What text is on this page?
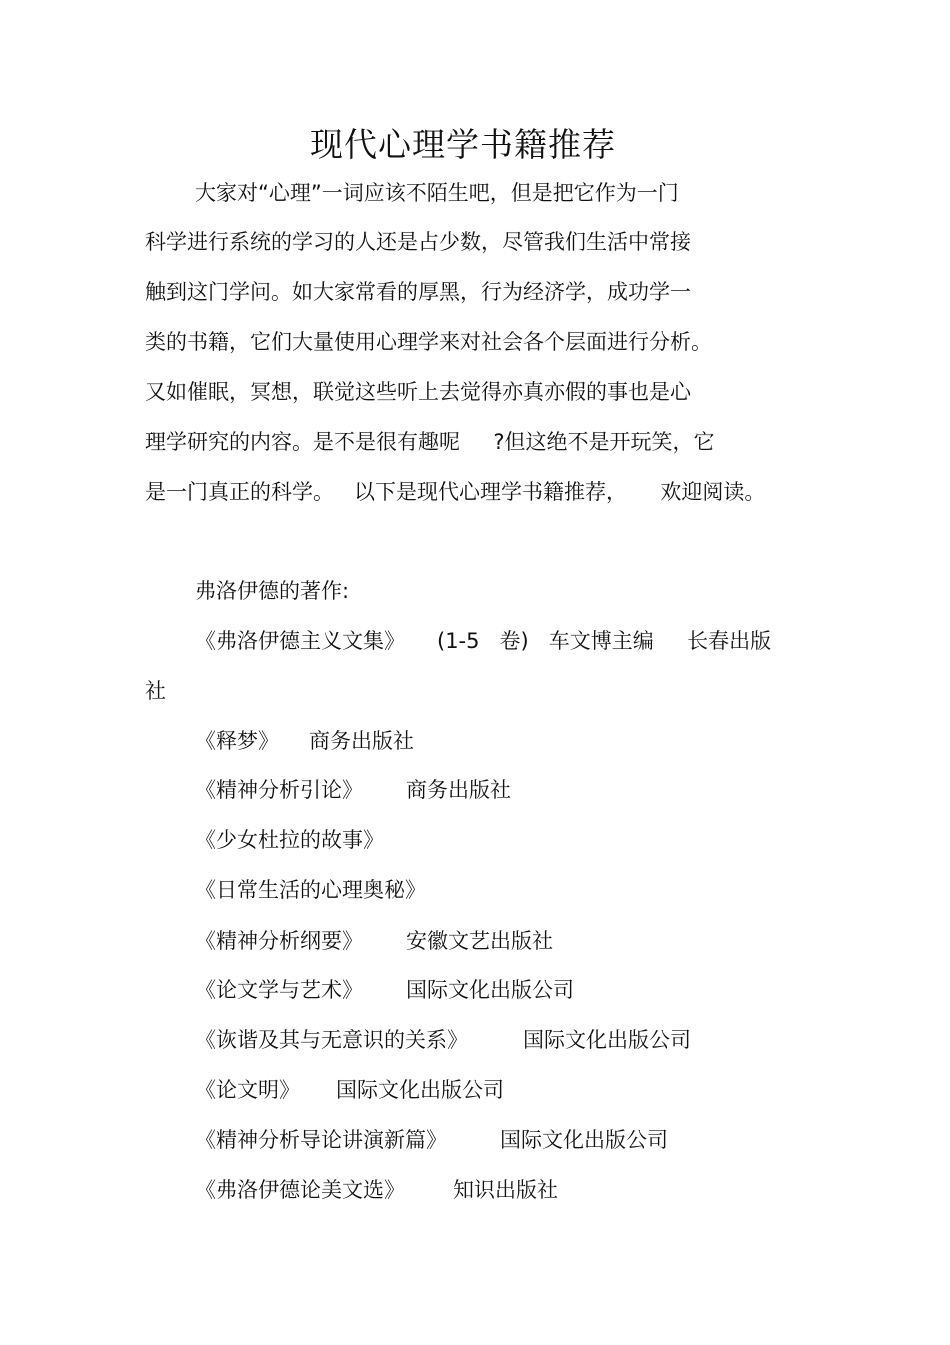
现代心理学书籍推荐
大家对“心理”一词应该不陌生吧，但是把它作为一门
科学进行系统的学习的人还是占少数，尽管我们生活中常接
触到这门学问。如大家常看的厚黑，行为经济学，成功学一
类的书籍，它们大量使用心理学来对社会各个层面进行分析。
又如催眠，冥想，联觉这些听上去觉得亦真亦假的事也是心
理学研究的内容。是不是很有趣呢     ?但这绝不是开玩笑，它
是一门真正的科学。   以下是现代心理学书籍推荐，     欢迎阅读。
弗洛伊德的著作:
《弗洛伊德主义文集》 (1-5   卷)   车文博主编     长春出版
社
《释梦》 商务出版社
《精神分析引论》 商务出版社
《少女杜拉的故事》
《日常生活的心理奥秘》
《精神分析纲要》 安徽文艺出版社
《论文学与艺术》 国际文化出版公司
《诙谐及其与无意识的关系》	国际文化出版公司
《论文明》 国际文化出版公司
《精神分析导论讲演新篇》	国际文化出版公司
《弗洛伊德论美文选》 知识出版社
